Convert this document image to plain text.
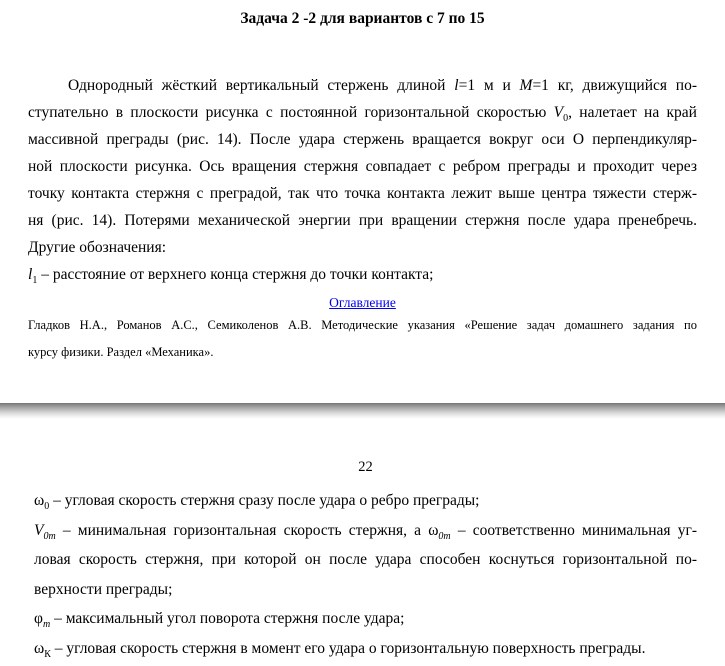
Задача 2 -2 для вариантов с 7 по 15
Однородный жёсткий вертикальный стержень длиной l=1 м и M=1 кг, движущийся по-
ступательно в плоскости рисунка с постоянной горизонтальной скоростью $V_0$, налетает на край
массивной преграды (рис. 14). После удара стержень вращается вокруг оси О перпендикуляр-
ной плоскости рисунка. Ось вращения стержня совпадает с ребром преграды и проходит через
точку контакта стержня с преградой, так что точка контакта лежит выше центра тяжести стерж-
ня (рис. 14). Потерями механической энергии при вращении стержня после удара пренебречь.
Другие обозначения:
$l_1$ – расстояние от верхнего конца стержня до точки контакта;
Оглавление
Гладков Н.А., Романов А.С., Семиколенов А.В. Методические указания «Решение задач домашнего задания по
курсу физики. Раздел «Механика».
22
$\omega_0$ – угловая скорость стержня сразу после удара о ребро преграды;
$V_{0m}$ – минимальная горизонтальная скорость стержня, а $\omega_{0m}$ – соответственно минимальная уг-
ловая скорость стержня, при которой он после удара способен коснуться горизонтальной по-
верхности преграды;
$\varphi_m$ – максимальный угол поворота стержня после удара;
$\omega_К$ – угловая скорость стержня в момент его удара о горизонтальную поверхность преграды.
